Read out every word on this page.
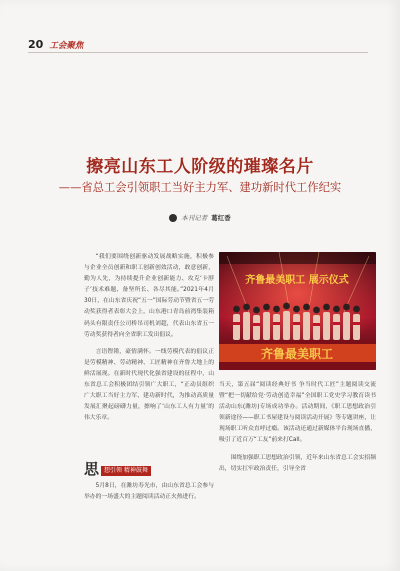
20 工会聚焦
擦亮山东工人阶级的璀璨名片
——省总工会引领职工当好主力军、建功新时代工作纪实
本刊记者 葛红香

“我们要围绕创新驱动发展战略实施，积极参与企业全员创新和职工创新创效活动，敢意创新，勤为人先，为持续提升企业创新能力、攻克‘卡脖子’技术难题、备坚所长、各尽其能。”2021年4月30日，在山东省庆祝“五一”国际劳动节暨省五一劳动奖获得者表彰大会上，山东港口青岛前湾集装箱码头有限责任公司桥吊司机刘超，代表山东省五一劳动奖获得者向全省职工发出倡议。

言语铿锵，豪情满怀。一线劳模代表的倡议正是劳模精神、劳动精神、工匠精神在齐鲁大地上的鲜活展现。在新时代现代化强省建设的征程中，山东省总工会积极团结引领广大职工，“正动员组织广大职工当好主力军、建功新时代，为推动高质量发展汇聚起磅礴力量，擦响了‘山东工人有力量’的伟大乐章。

齐鲁最美职工 展示仪式
齐鲁最美职工

当天，第五届“阅读经典好书 争当时代工匠”主题阅读交流暨“把一切献给党·劳动创造幸福”全国职工党史学习教育读书活动山东(潍坊)专场成功举办。活动期间，《职工思想政治引领新途径——职工书屋建设与阅读活动开展》等专题讲座，让现场职工听众直呼过瘾。该活动还通过新媒体平台现场直播，吸引了近百万“工友”前来打Call。

围绕加强职工思想政治引领，近年来山东省总工会实招频出，切实扛牢政治责任，引导全省

思 想引领 精神鼓舞

5月8日，在潍坊寿光市，由山东省总工会参与举办的一场盛大的主题阅读活动正火热进行。
